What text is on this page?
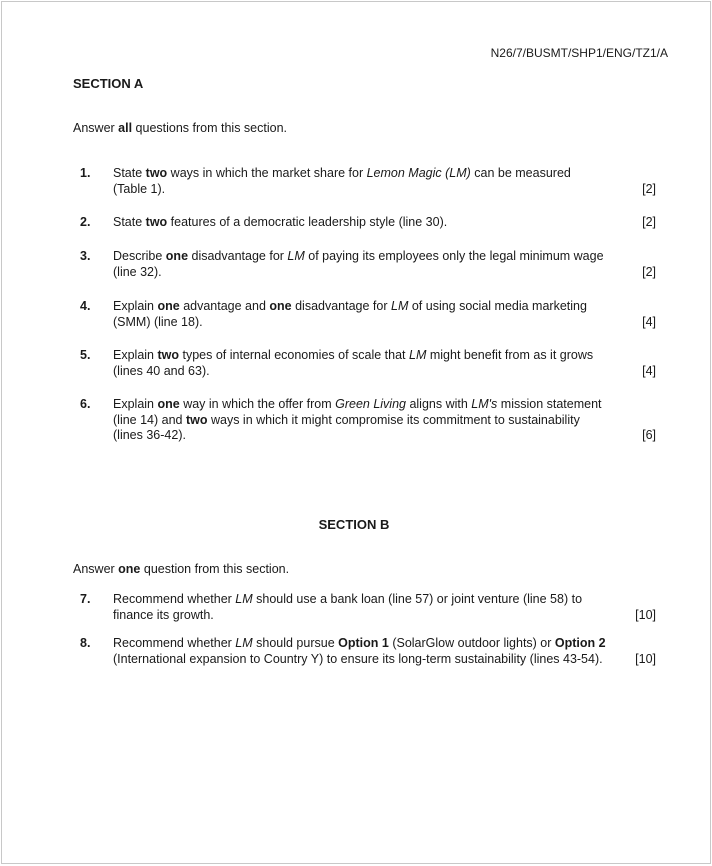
N26/7/BUSMT/SHP1/ENG/TZ1/A
SECTION A
Answer all questions from this section.
1. State two ways in which the market share for Lemon Magic (LM) can be measured (Table 1).	[2]
2. State two features of a democratic leadership style (line 30).	[2]
3. Describe one disadvantage for LM of paying its employees only the legal minimum wage (line 32).	[2]
4. Explain one advantage and one disadvantage for LM of using social media marketing (SMM) (line 18).	[4]
5. Explain two types of internal economies of scale that LM might benefit from as it grows (lines 40 and 63).	[4]
6. Explain one way in which the offer from Green Living aligns with LM's mission statement (line 14) and two ways in which it might compromise its commitment to sustainability (lines 36-42).	[6]
SECTION B
Answer one question from this section.
7. Recommend whether LM should use a bank loan (line 57) or joint venture (line 58) to finance its growth.	[10]
8. Recommend whether LM should pursue Option 1 (SolarGlow outdoor lights) or Option 2 (International expansion to Country Y) to ensure its long-term sustainability (lines 43-54).	[10]
